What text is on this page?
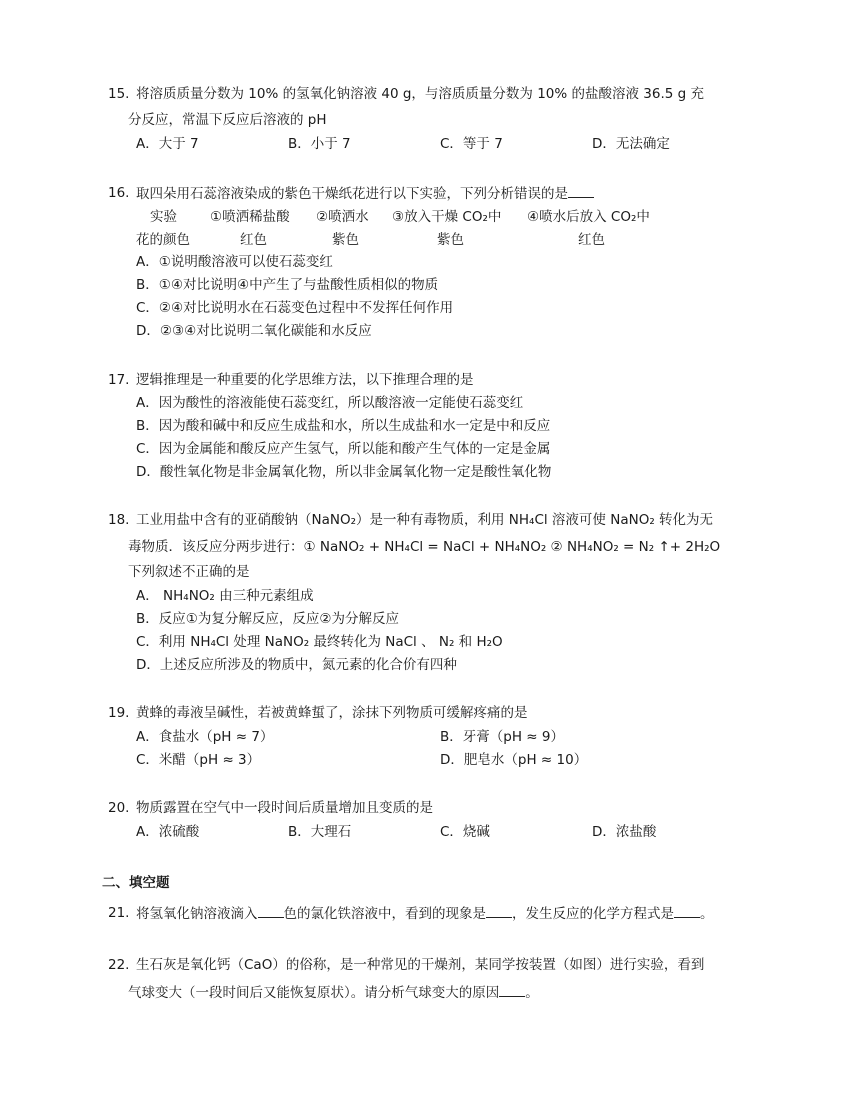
15. 将溶质质量分数为 10% 的氢氧化钠溶液 40 g，与溶质质量分数为 10% 的盐酸溶液 36.5 g 充
分反应，常温下反应后溶液的 pH
A．大于 7	B．小于 7	C．等于 7	D．无法确定
16. 取四朵用石蕊溶液染成的紫色干燥纸花进行以下实验，下列分析错误的是
实验 ①喷洒稀盐酸 ②喷洒水 ③放入干燥 CO₂中 ④喷水后放入 CO₂中
花的颜色	红色	紫色	紫色	红色
A．①说明酸溶液可以使石蕊变红
B．①④对比说明④中产生了与盐酸性质相似的物质
C．②④对比说明水在石蕊变色过程中不发挥任何作用
D．②③④对比说明二氧化碳能和水反应
17. 逻辑推理是一种重要的化学思维方法，以下推理合理的是
A．因为酸性的溶液能使石蕊变红，所以酸溶液一定能使石蕊变红
B．因为酸和碱中和反应生成盐和水，所以生成盐和水一定是中和反应
C．因为金属能和酸反应产生氢气，所以能和酸产生气体的一定是金属
D．酸性氧化物是非金属氧化物，所以非金属氧化物一定是酸性氧化物
18. 工业用盐中含有的亚硝酸钠（NaNO₂）是一种有毒物质，利用 NH₄Cl 溶液可使 NaNO₂ 转化为无
毒物质．该反应分两步进行：① NaNO₂ + NH₄Cl = NaCl + NH₄NO₂ ② NH₄NO₂ = N₂ ↑+ 2H₂O
下列叙述不正确的是
A． NH₄NO₂ 由三种元素组成
B．反应①为复分解反应，反应②为分解反应
C．利用 NH₄Cl 处理 NaNO₂ 最终转化为 NaCl 、 N₂ 和 H₂O
D．上述反应所涉及的物质中，氮元素的化合价有四种
19. 黄蜂的毒液呈碱性，若被黄蜂蜇了，涂抹下列物质可缓解疼痛的是
A．食盐水（pH ≈ 7）	B．牙膏（pH ≈ 9）
C．米醋（pH ≈ 3）	D．肥皂水（pH ≈ 10）
20. 物质露置在空气中一段时间后质量增加且变质的是
A．浓硫酸	B．大理石	C．烧碱	D．浓盐酸
二、填空题
21. 将氢氧化钠溶液滴入 色的氯化铁溶液中，看到的现象是 ，发生反应的化学方程式是 。
22. 生石灰是氧化钙（CaO）的俗称，是一种常见的干燥剂，某同学按装置（如图）进行实验，看到
气球变大（一段时间后又能恢复原状）。请分析气球变大的原因 。
